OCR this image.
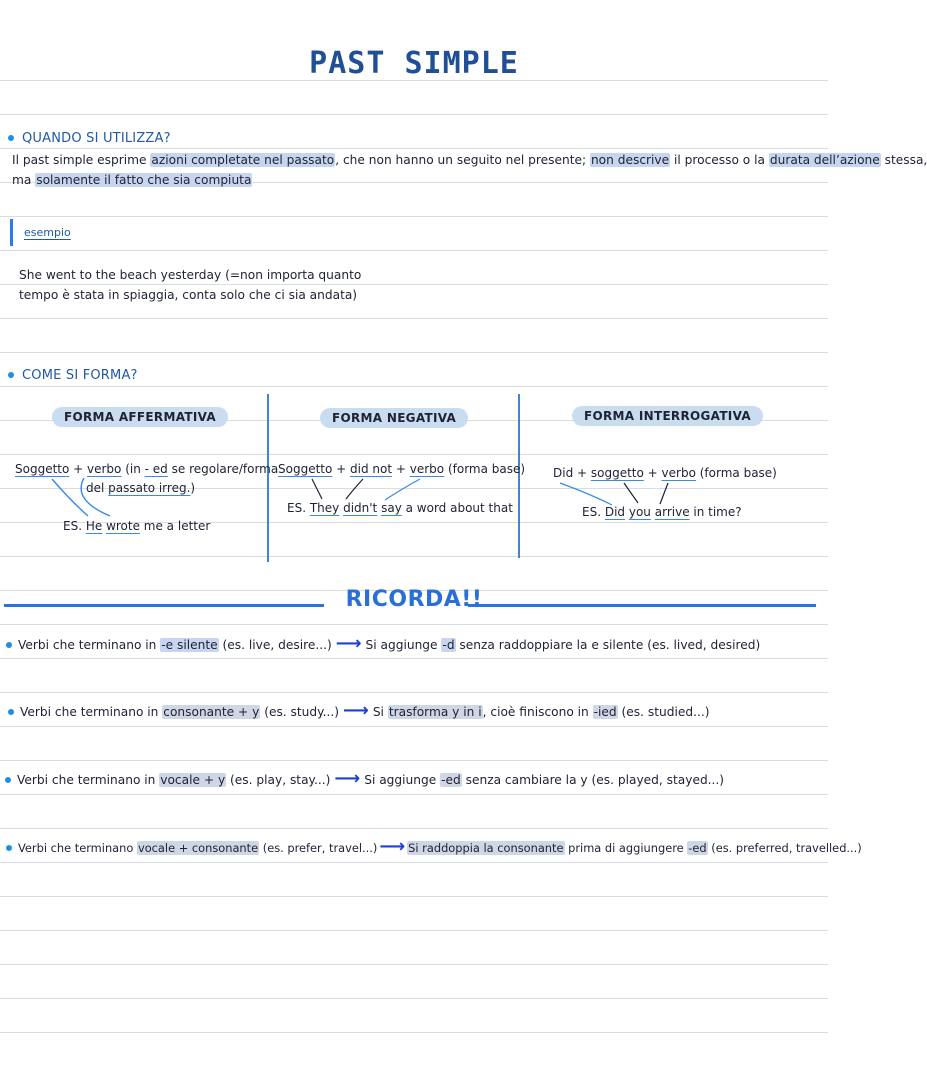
PAST SIMPLE
QUANDO SI UTILIZZA?
Il past simple esprime azioni completate nel passato, che non hanno un seguito nel presente; non descrive il processo o la durata dell’azione stessa,
ma solamente il fatto che sia compiuta
esempio
She went to the beach yesterday (=non importa quanto
tempo è stata in spiaggia, conta solo che ci sia andata)
COME SI FORMA?
FORMA AFFERMATIVA
Soggetto + verbo (in - ed se regolare/forma
del passato irreg.)
ES. He wrote me a letter
FORMA NEGATIVA
Soggetto + did not + verbo (forma base)
ES. They didn't say a word about that
FORMA INTERROGATIVA
Did + soggetto + verbo (forma base)
ES. Did you arrive in time?
RICORDA!!
Verbi che terminano in -e silente (es. live, desire...) ⟶ Si aggiunge -d senza raddoppiare la e silente (es. lived, desired)
Verbi che terminano in consonante + y (es. study...) ⟶ Si trasforma y in i, cioè finiscono in -ied (es. studied...)
Verbi che terminano in vocale + y (es. play, stay...) ⟶ Si aggiunge -ed senza cambiare la y (es. played, stayed...)
Verbi che terminano vocale + consonante (es. prefer, travel...) ⟶ Si raddoppia la consonante prima di aggiungere -ed (es. preferred, travelled...)
